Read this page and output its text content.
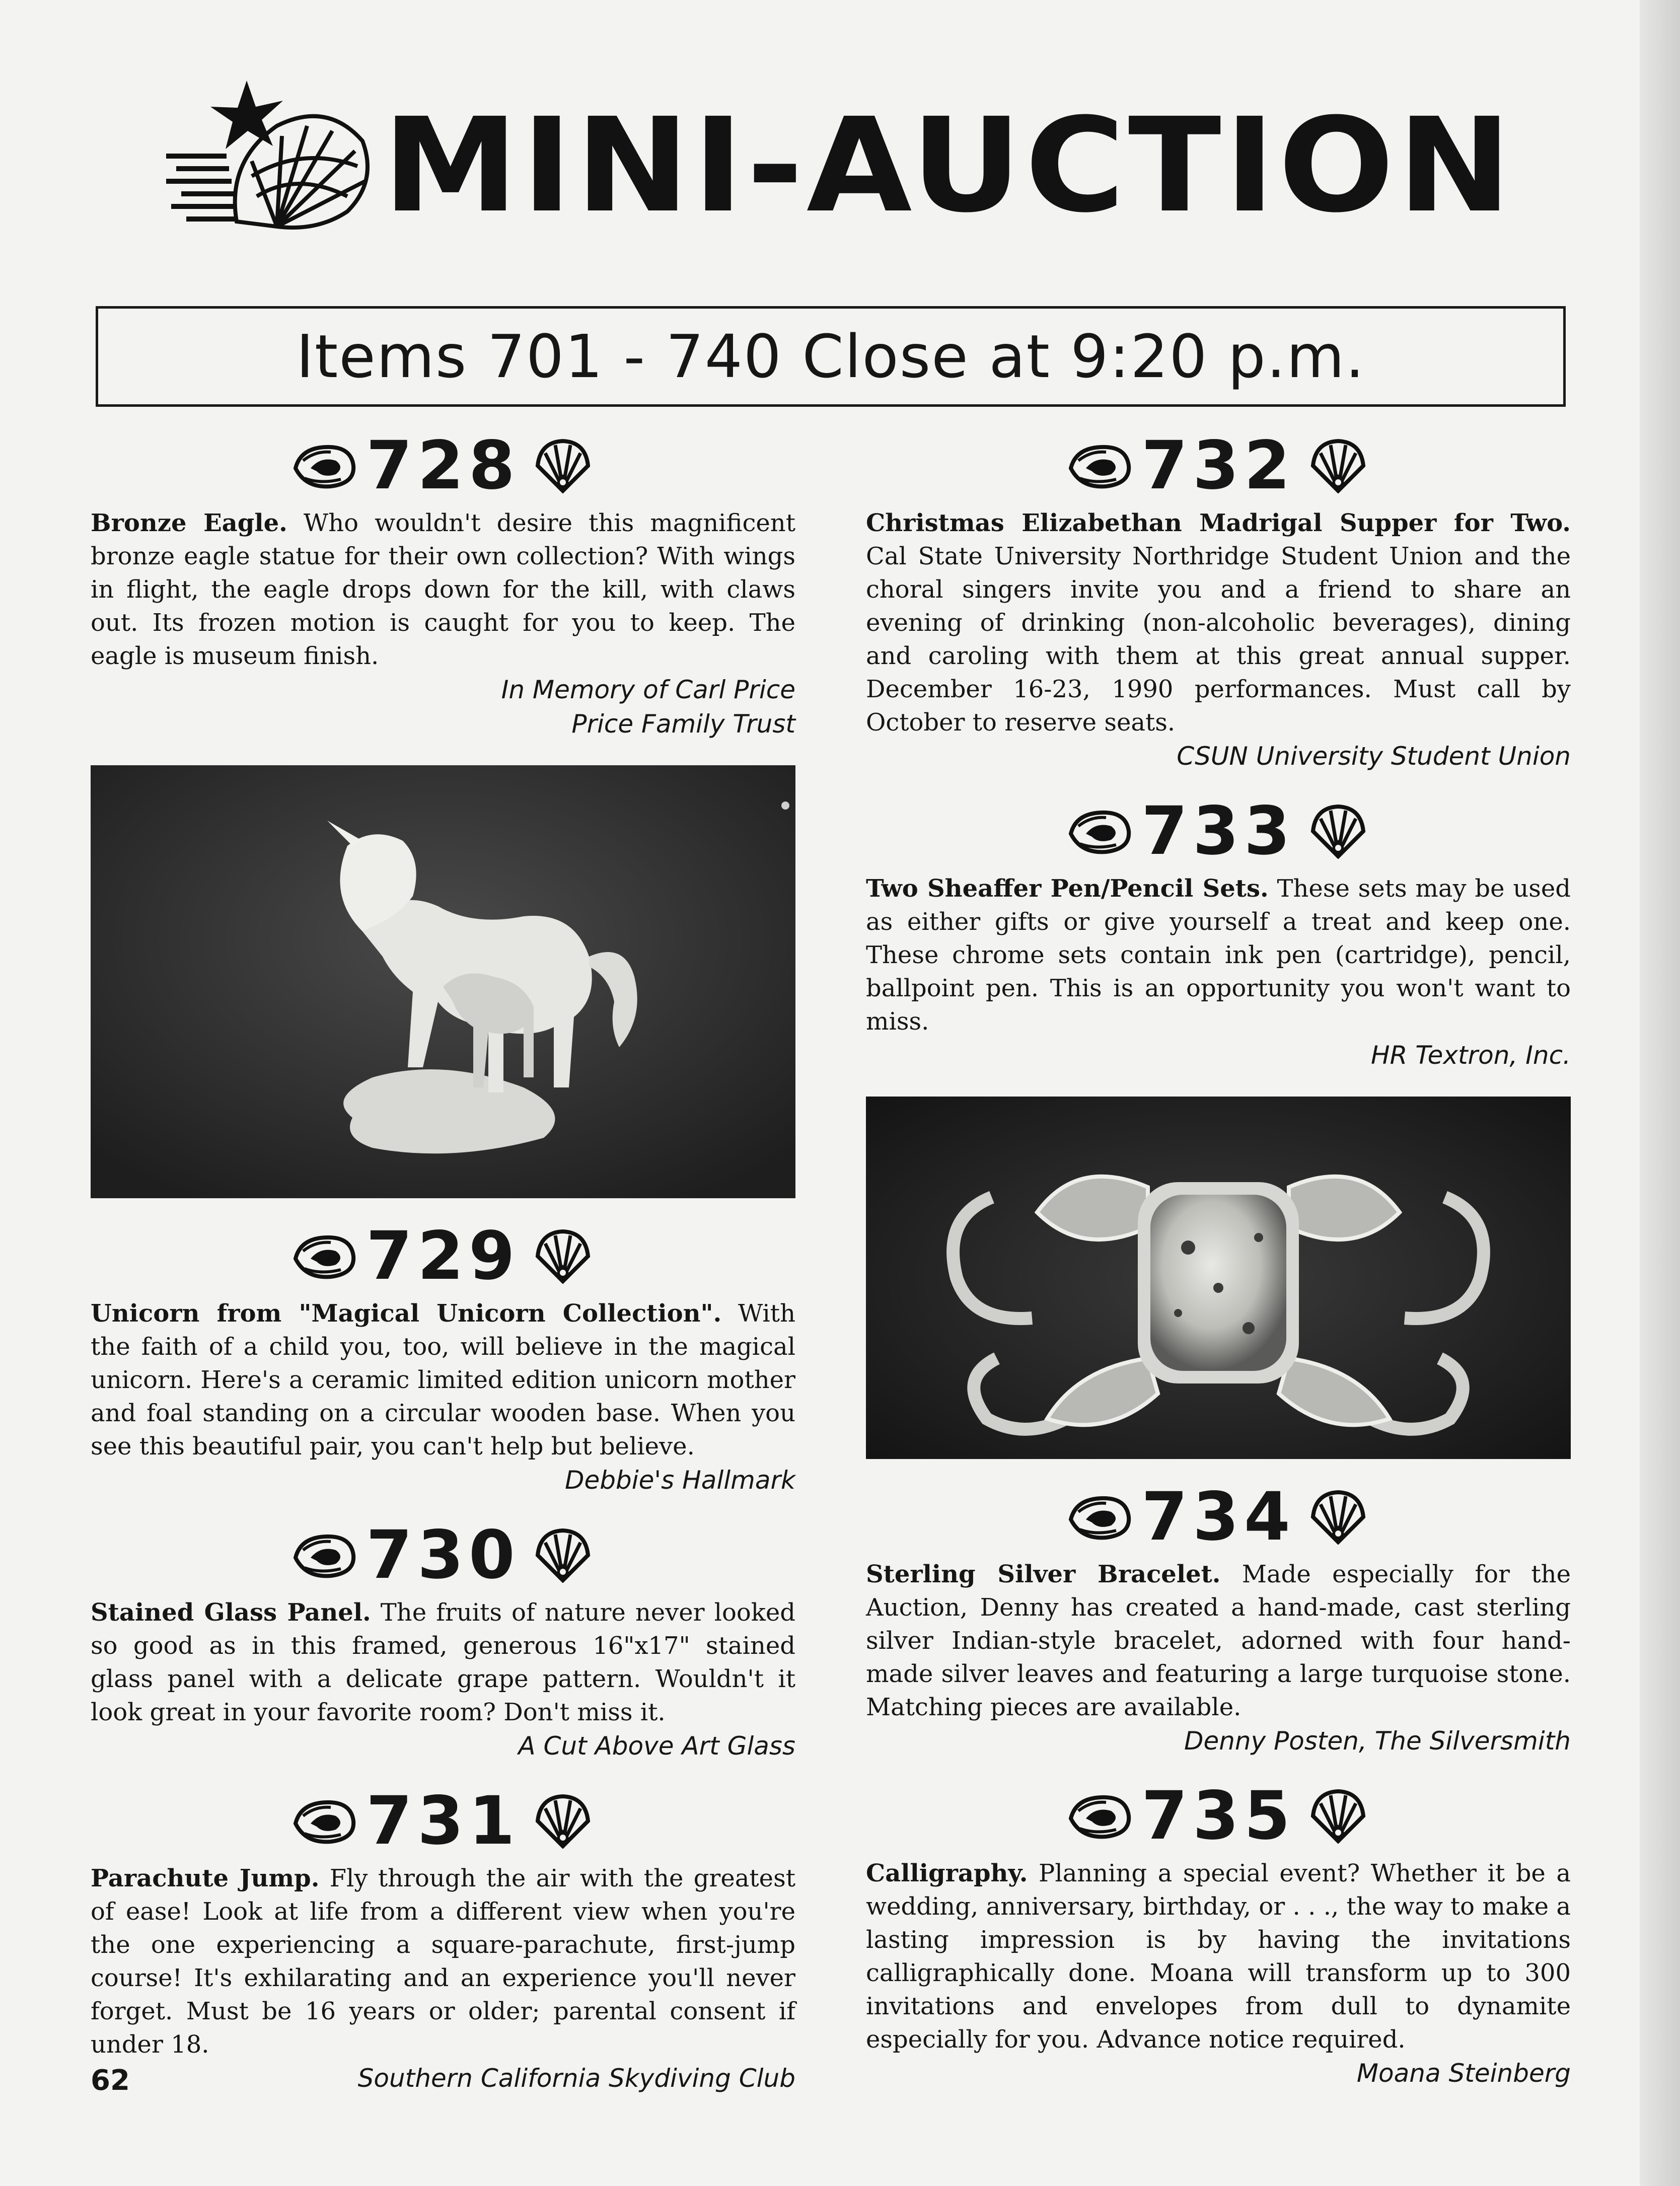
MINI-AUCTION
Items 701 - 740 Close at 9:20 p.m.
728
Bronze Eagle. Who wouldn't desire this magnificent bronze eagle statue for their own collection? With wings in flight, the eagle drops down for the kill, with claws out. Its frozen motion is caught for you to keep. The eagle is museum finish.
In Memory of Carl Price
Price Family Trust
729
Unicorn from "Magical Unicorn Collection". With the faith of a child you, too, will believe in the magical unicorn. Here's a ceramic limited edition unicorn mother and foal standing on a circular wooden base. When you see this beautiful pair, you can't help but believe.
Debbie's Hallmark
730
Stained Glass Panel. The fruits of nature never looked so good as in this framed, generous 16"x17" stained glass panel with a delicate grape pattern. Wouldn't it look great in your favorite room? Don't miss it.
A Cut Above Art Glass
731
Parachute Jump. Fly through the air with the greatest of ease! Look at life from a different view when you're the one experiencing a square-parachute, first-jump course! It's exhilarating and an experience you'll never forget. Must be 16 years or older; parental consent if under 18.
Southern California Skydiving Club
732
Christmas Elizabethan Madrigal Supper for Two. Cal State University Northridge Student Union and the choral singers invite you and a friend to share an evening of drinking (non-alcoholic beverages), dining and caroling with them at this great annual supper. December 16-23, 1990 performances. Must call by October to reserve seats.
CSUN University Student Union
733
Two Sheaffer Pen/Pencil Sets. These sets may be used as either gifts or give yourself a treat and keep one. These chrome sets contain ink pen (cartridge), pencil, ballpoint pen. This is an opportunity you won't want to miss.
HR Textron, Inc.
734
Sterling Silver Bracelet. Made especially for the Auction, Denny has created a hand-made, cast sterling silver Indian-style bracelet, adorned with four hand-made silver leaves and featuring a large turquoise stone. Matching pieces are available.
Denny Posten, The Silversmith
735
Calligraphy. Planning a special event? Whether it be a wedding, anniversary, birthday, or . . ., the way to make a lasting impression is by having the invitations calligraphically done. Moana will transform up to 300 invitations and envelopes from dull to dynamite especially for you. Advance notice required.
Moana Steinberg
62
